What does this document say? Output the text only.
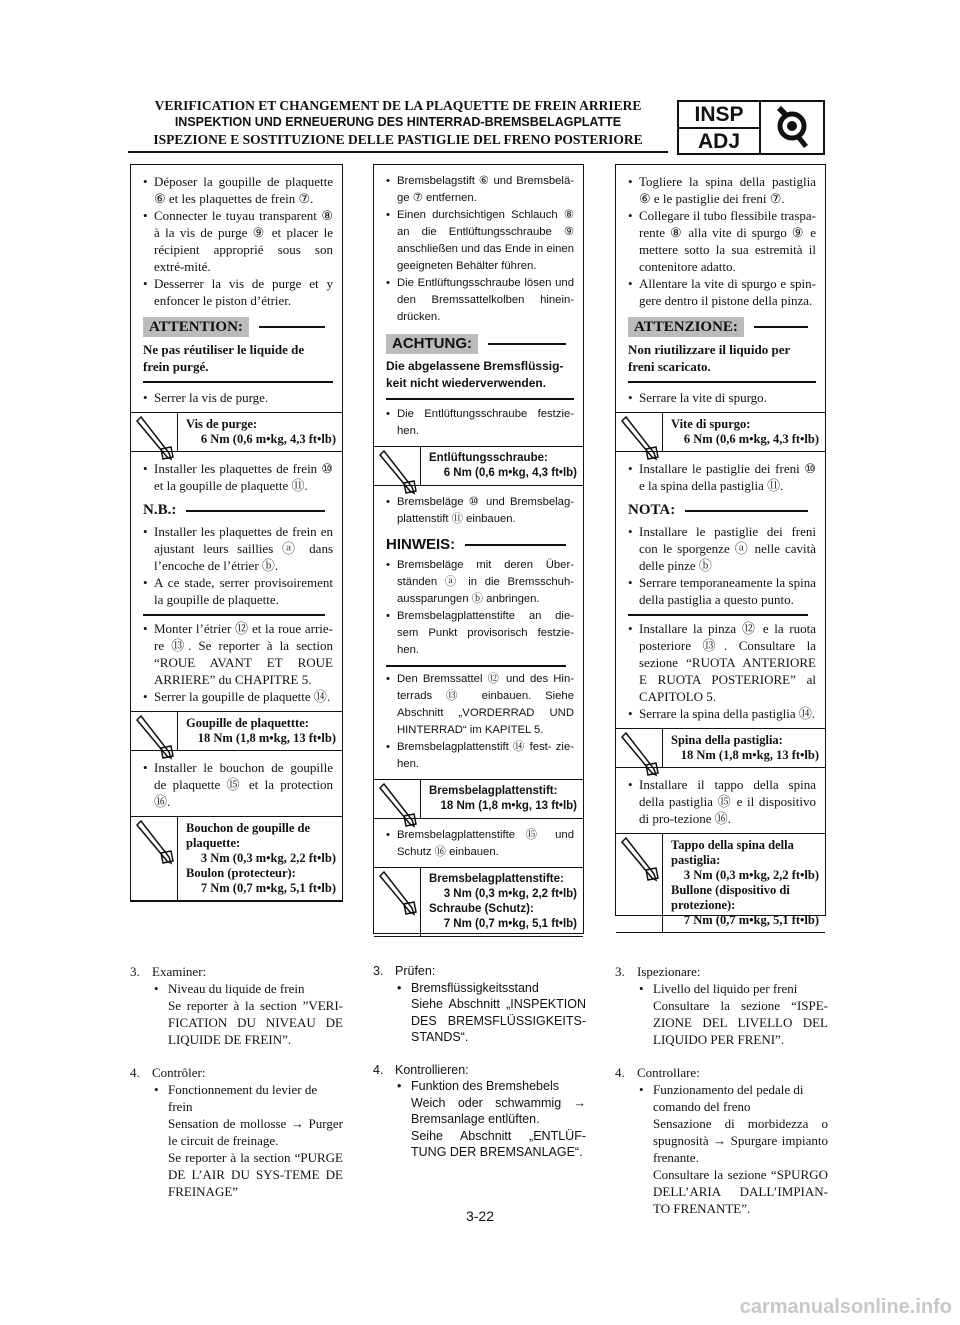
VERIFICATION ET CHANGEMENT DE LA PLAQUETTE DE FREIN ARRIERE
INSPEKTION UND ERNEUERUNG DES HINTERRAD-BREMSBELAGPLATTE
ISPEZIONE E SOSTITUZIONE DELLE PASTIGLIE DEL FRENO POSTERIORE
INSP
ADJ
• Déposer la goupille de plaquette ⑥ et les plaquettes de frein ⑦.
• Connecter le tuyau transparent ⑧ à la vis de purge ⑨ et placer le récipient approprié sous son extré-mité.
• Desserrer la vis de purge et y enfoncer le piston d’étrier.
ATTENTION:
Ne pas réutiliser le liquide de frein purgé.
• Serrer la vis de purge.
Vis de purge:
6 Nm (0,6 m•kg, 4,3 ft•lb)
• Installer les plaquettes de frein ⑩ et la goupille de plaquette ⑪.
N.B.:
• Installer les plaquettes de frein en ajustant leurs saillies ⓐ dans l’encoche de l’étrier ⓑ.
• A ce stade, serrer provisoirement la goupille de plaquette.
• Monter l’étrier ⑫ et la roue arrie-re ⑬. Se reporter à la section “ROUE AVANT ET ROUE ARRIERE” du CHAPITRE 5.
• Serrer la goupille de plaquette ⑭.
Goupille de plaquettte:
18 Nm (1,8 m•kg, 13 ft•lb)
• Installer le bouchon de goupille de plaquette ⑮ et la protection ⑯.
Bouchon de goupille de plaquette:
3 Nm (0,3 m•kg, 2,2 ft•lb)
Boulon (protecteur):
7 Nm (0,7 m•kg, 5,1 ft•lb)
• Bremsbelagstift ⑥ und Bremsbelä-ge ⑦ entfernen.
• Einen durchsichtigen Schlauch ⑧ an die Entlüftungsschraube ⑨ anschließen und das Ende in einen geeigneten Behälter führen.
• Die Entlüftungsschraube lösen und den Bremssattelkolben hinein-drücken.
ACHTUNG:
Die abgelassene Bremsflüssig-keit nicht wiederverwenden.
• Die Entlüftungsschraube festzie-hen.
Entlüftungsschraube:
6 Nm (0,6 m•kg, 4,3 ft•lb)
• Bremsbeläge ⑩ und Bremsbelag-plattenstift ⑪ einbauen.
HINWEIS:
• Bremsbeläge mit deren Über-ständen ⓐ in die Bremsschuh-aussparungen ⓑ anbringen.
• Bremsbelagplattenstifte an die-sem Punkt provisorisch festzie-hen.
• Den Bremssattel ⑫ und des Hin-terrads ⑬ einbauen. Siehe Abschnitt „VORDERRAD UND HINTERRAD“ im KAPITEL 5.
• Bremsbelagplattenstift ⑭ fest- zie-hen.
Bremsbelagplattenstift:
18 Nm (1,8 m•kg, 13 ft•lb)
• Bremsbelagplattenstifte ⑮ und Schutz ⑯ einbauen.
Bremsbelagplattenstifte:
3 Nm (0,3 m•kg, 2,2 ft•lb)
Schraube (Schutz):
7 Nm (0,7 m•kg, 5,1 ft•lb)
• Togliere la spina della pastiglia ⑥ e le pastiglie dei freni ⑦.
• Collegare il tubo flessibile traspa-rente ⑧ alla vite di spurgo ⑨ e mettere sotto la sua estremità il contenitore adatto.
• Allentare la vite di spurgo e spin-gere dentro il pistone della pinza.
ATTENZIONE:
Non riutilizzare il liquido per freni scaricato.
• Serrare la vite di spurgo.
Vite di spurgo:
6 Nm (0,6 m•kg, 4,3 ft•lb)
• Installare le pastiglie dei freni ⑩ e la spina della pastiglia ⑪.
NOTA:
• Installare le pastiglie dei freni con le sporgenze ⓐ nelle cavità delle pinze ⓑ
• Serrare temporaneamente la spina della pastiglia a questo punto.
• Installare la pinza ⑫ e la ruota posteriore ⑬. Consultare la sezione “RUOTA ANTERIORE E RUOTA POSTERIORE” al CAPITOLO 5.
• Serrare la spina della pastiglia ⑭.
Spina della pastiglia:
18 Nm (1,8 m•kg, 13 ft•lb)
• Installare il tappo della spina della pastiglia ⑮ e il dispositivo di pro-tezione ⑯.
Tappo della spina della pastiglia:
3 Nm (0,3 m•kg, 2,2 ft•lb)
Bullone (dispositivo di protezione):
7 Nm (0,7 m•kg, 5,1 ft•lb)
3. Examiner:
• Niveau du liquide de frein
Se reporter à la section ”VERI-FICATION DU NIVEAU DE LIQUIDE DE FREIN”.
4. Contrôler:
• Fonctionnement du levier de frein
Sensation de mollosse → Purger le circuit de freinage.
Se reporter à la section “PURGE DE L’AIR DU SYS-TEME DE FREINAGE”
3. Prüfen:
• Bremsflüssigkeitsstand
Siehe Abschnitt „INSPEKTION DES BREMSFLÜSSIGKEITS-STANDS“.
4. Kontrollieren:
• Funktion des Bremshebels
Weich oder schwammig → Bremsanlage entlüften.
Seihe Abschnitt „ENTLÜF-TUNG DER BREMSANLAGE“.
3. Ispezionare:
• Livello del liquido per freni
Consultare la sezione “ISPE-ZIONE DEL LIVELLO DEL LIQUIDO PER FRENI”.
4. Controllare:
• Funzionamento del pedale di comando del freno
Sensazione di morbidezza o spugnosità → Spurgare impianto frenante.
Consultare la sezione “SPURGO DELL’ARIA DALL’IMPIAN-TO FRENANTE”.
3-22
carmanualsonline.info
